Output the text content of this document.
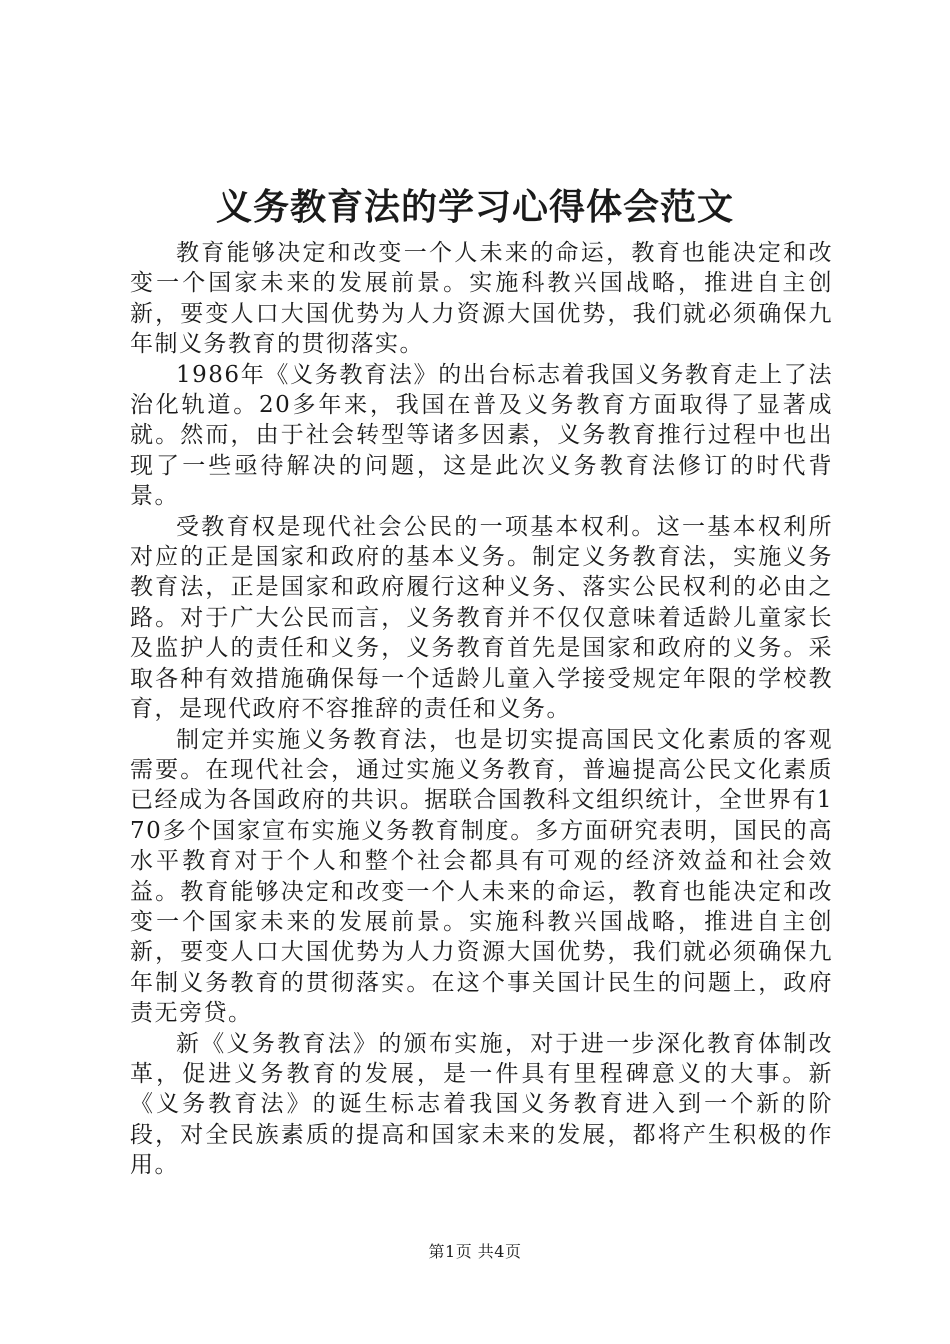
义务教育法的学习心得体会范文

教育能够决定和改变一个人未来的命运，教育也能决定和改变一个国家未来的发展前景。实施科教兴国战略，推进自主创新，要变人口大国优势为人力资源大国优势，我们就必须确保九年制义务教育的贯彻落实。

1986年《义务教育法》的出台标志着我国义务教育走上了法治化轨道。20多年来，我国在普及义务教育方面取得了显著成就。然而，由于社会转型等诸多因素，义务教育推行过程中也出现了一些亟待解决的问题，这是此次义务教育法修订的时代背景。

受教育权是现代社会公民的一项基本权利。这一基本权利所对应的正是国家和政府的基本义务。制定义务教育法，实施义务教育法，正是国家和政府履行这种义务、落实公民权利的必由之路。对于广大公民而言，义务教育并不仅仅意味着适龄儿童家长及监护人的责任和义务，义务教育首先是国家和政府的义务。采取各种有效措施确保每一个适龄儿童入学接受规定年限的学校教育，是现代政府不容推辞的责任和义务。

制定并实施义务教育法，也是切实提高国民文化素质的客观需要。在现代社会，通过实施义务教育，普遍提高公民文化素质已经成为各国政府的共识。据联合国教科文组织统计，全世界有170多个国家宣布实施义务教育制度。多方面研究表明，国民的高水平教育对于个人和整个社会都具有可观的经济效益和社会效益。教育能够决定和改变一个人未来的命运，教育也能决定和改变一个国家未来的发展前景。实施科教兴国战略，推进自主创新，要变人口大国优势为人力资源大国优势，我们就必须确保九年制义务教育的贯彻落实。在这个事关国计民生的问题上，政府责无旁贷。

新《义务教育法》的颁布实施，对于进一步深化教育体制改革，促进义务教育的发展，是一件具有里程碑意义的大事。新《义务教育法》的诞生标志着我国义务教育进入到一个新的阶段，对全民族素质的提高和国家未来的发展，都将产生积极的作用。

第1页 共4页
